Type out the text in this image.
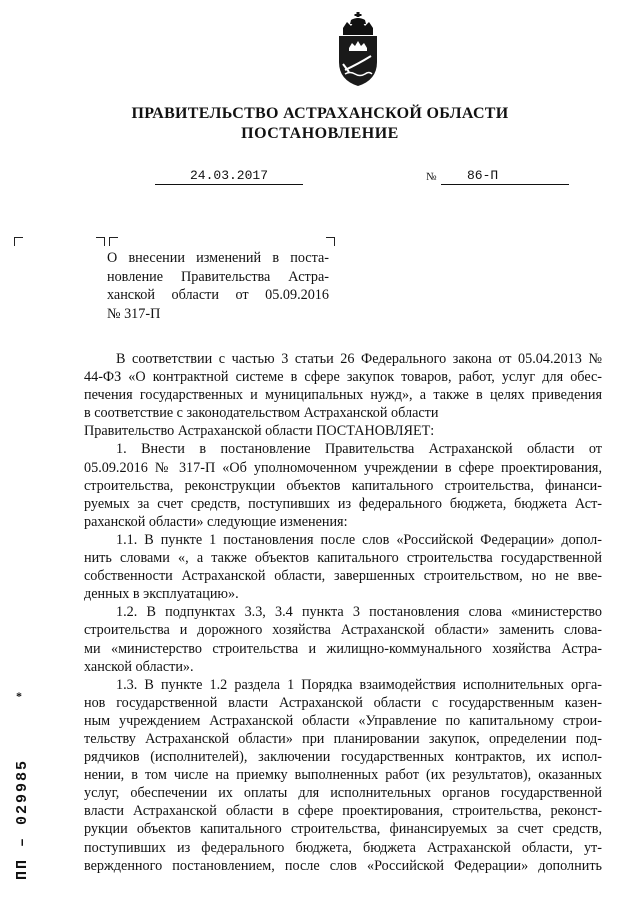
ПРАВИТЕЛЬСТВО АСТРАХАНСКОЙ ОБЛАСТИ
ПОСТАНОВЛЕНИЕ
24.03.2017	№	86-П
О внесении изменений в поста-
новление Правительства Астра-
ханской области от 05.09.2016
№ 317-П
В соответствии с частью 3 статьи 26 Федерального закона от 05.04.2013 №
44-ФЗ «О контрактной системе в сфере закупок товаров, работ, услуг для обес-
печения государственных и муниципальных нужд», а также в целях приведения
в соответствие с законодательством Астраханской области
Правительство Астраханской области ПОСТАНОВЛЯЕТ:
1. Внести в постановление Правительства Астраханской области от
05.09.2016 № 317-П «Об уполномоченном учреждении в сфере проектирования,
строительства, реконструкции объектов капитального строительства, финанси-
руемых за счет средств, поступивших из федерального бюджета, бюджета Аст-
раханской области» следующие изменения:
1.1. В пункте 1 постановления после слов «Российской Федерации» допол-
нить словами «, а также объектов капитального строительства государственной
собственности Астраханской области, завершенных строительством, но не вве-
денных в эксплуатацию».
1.2. В подпунктах 3.3, 3.4 пункта 3 постановления слова «министерство
строительства и дорожного хозяйства Астраханской области» заменить слова-
ми «министерство строительства и жилищно-коммунального хозяйства Астра-
ханской области».
1.3. В пункте 1.2 раздела 1 Порядка взаимодействия исполнительных орга-
нов государственной власти Астраханской области с государственным казен-
ным учреждением Астраханской области «Управление по капитальному строи-
тельству Астраханской области» при планировании закупок, определении под-
рядчиков (исполнителей), заключении государственных контрактов, их испол-
нении, в том числе на приемку выполненных работ (их результатов), оказанных
услуг, обеспечении их оплаты для исполнительных органов государственной
власти Астраханской области в сфере проектирования, строительства, реконст-
рукции объектов капитального строительства, финансируемых за счет средств,
поступивших из федерального бюджета, бюджета Астраханской области, ут-
вержденного постановлением, после слов «Российской Федерации» дополнить
ПП – 029985
*
